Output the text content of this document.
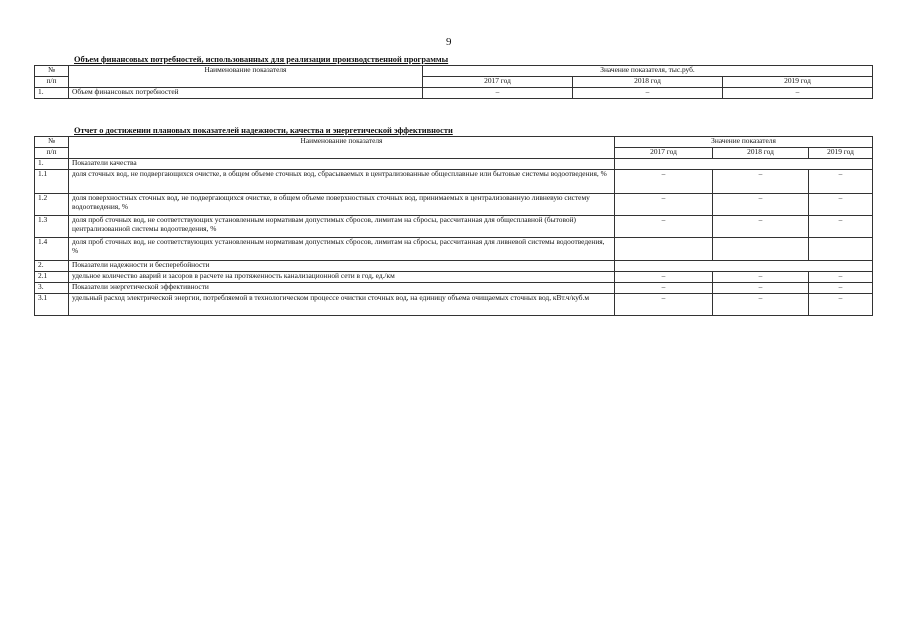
9
Объем финансовых потребностей, использованных для реализации производственной программы
№	Наименование показателя	Значение показателя, тыс.руб.		
п/п		2017 год	2018 год	2019 год
1.	Объем финансовых потребностей	–	–	–
Отчет о достижении плановых показателей надежности, качества и энергетической эффективности
№	Наименование показателя	Значение показателя		
п/п		2017 год	2018 год	2019 год
1.	Показатели качества			
1.1	доля сточных вод, не подвергающихся очистке, в общем объеме сточных вод, сбрасываемых в централизованные общесплавные или бытовые системы водоотведения, %	–	–	–
1.2	доля поверхностных сточных вод, не подвергающихся очистке, в общем объеме поверхностных сточных вод, принимаемых в централизованную ливневую систему водоотведения, %	–	–	–
1.3	доля проб сточных вод, не соответствующих установленным нормативам допустимых сбросов, лимитам на сбросы, рассчитанная для общесплавной (бытовой) централизованной системы водоотведения, %	–	–	–
1.4	доля проб сточных вод, не соответствующих установленным нормативам допустимых сбросов, лимитам на сбросы, рассчитанная для ливневой системы водоотведения, %			
2.	Показатели надежности и бесперебойности			
2.1	удельное количество аварий и засоров в расчете на протяженность канализационной сети в год, ед./км	–	–	–
3.	Показатели энергетической эффективности	–	–	–
3.1	удельный расход электрической энергии, потребляемой в технологическом процессе очистки сточных вод, на единицу объема очищаемых сточных вод, кВт.ч/куб.м	–	–	–
